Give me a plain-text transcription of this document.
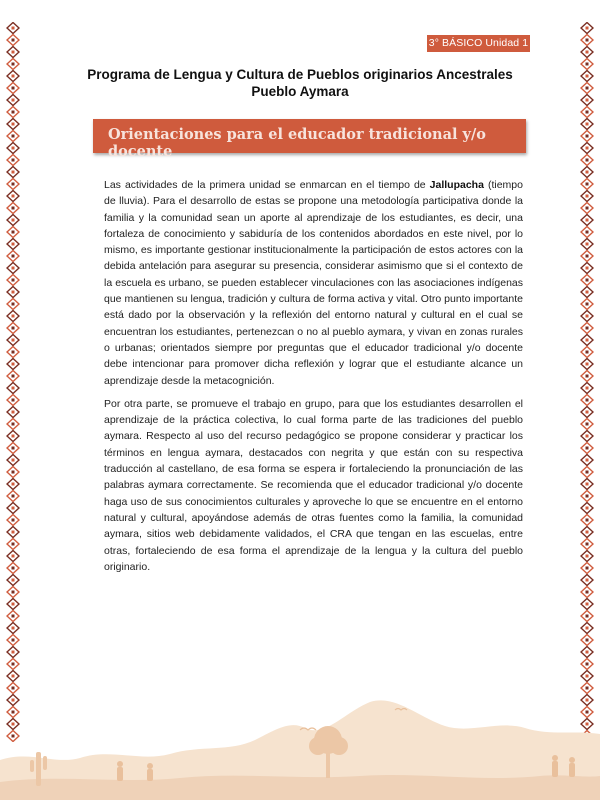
3° BÁSICO Unidad 1
Programa de Lengua y Cultura de Pueblos originarios Ancestrales
Pueblo Aymara
Orientaciones para el educador tradicional y/o docente

Las actividades de la primera unidad se enmarcan en el tiempo de Jallupacha (tiempo de lluvia). Para el desarrollo de estas se propone una metodología participativa donde la familia y la comunidad sean un aporte al aprendizaje de los estudiantes, es decir, una fortaleza de conocimiento y sabiduría de los contenidos abordados en este nivel, por lo mismo, es importante gestionar institucionalmente la participación de estos actores con la debida antelación para asegurar su presencia, considerar asimismo que si el contexto de la escuela es urbano, se pueden establecer vinculaciones con las asociaciones indígenas que mantienen su lengua, tradición y cultura de forma activa y vital. Otro punto importante está dado por la observación y la reflexión del entorno natural y cultural en el cual se encuentran los estudiantes, pertenezcan o no al pueblo aymara, y vivan en zonas rurales o urbanas; orientados siempre por preguntas que el educador tradicional y/o docente debe intencionar para promover dicha reflexión y lograr que el estudiante alcance un aprendizaje desde la metacognición.

Por otra parte, se promueve el trabajo en grupo, para que los estudiantes desarrollen el aprendizaje de la práctica colectiva, lo cual forma parte de las tradiciones del pueblo aymara. Respecto al uso del recurso pedagógico se propone considerar y practicar los términos en lengua aymara, destacados con negrita y que están con su respectiva traducción al castellano, de esa forma se espera ir fortaleciendo la pronunciación de las palabras aymara correctamente. Se recomienda que el educador tradicional y/o docente haga uso de sus conocimientos culturales y aproveche lo que se encuentre en el entorno natural y cultural, apoyándose además de otras fuentes como la familia, la comunidad aymara, sitios web debidamente validados, el CRA que tengan en las escuelas, entre otras, fortaleciendo de esa forma el aprendizaje de la lengua y la cultura del pueblo originario.
